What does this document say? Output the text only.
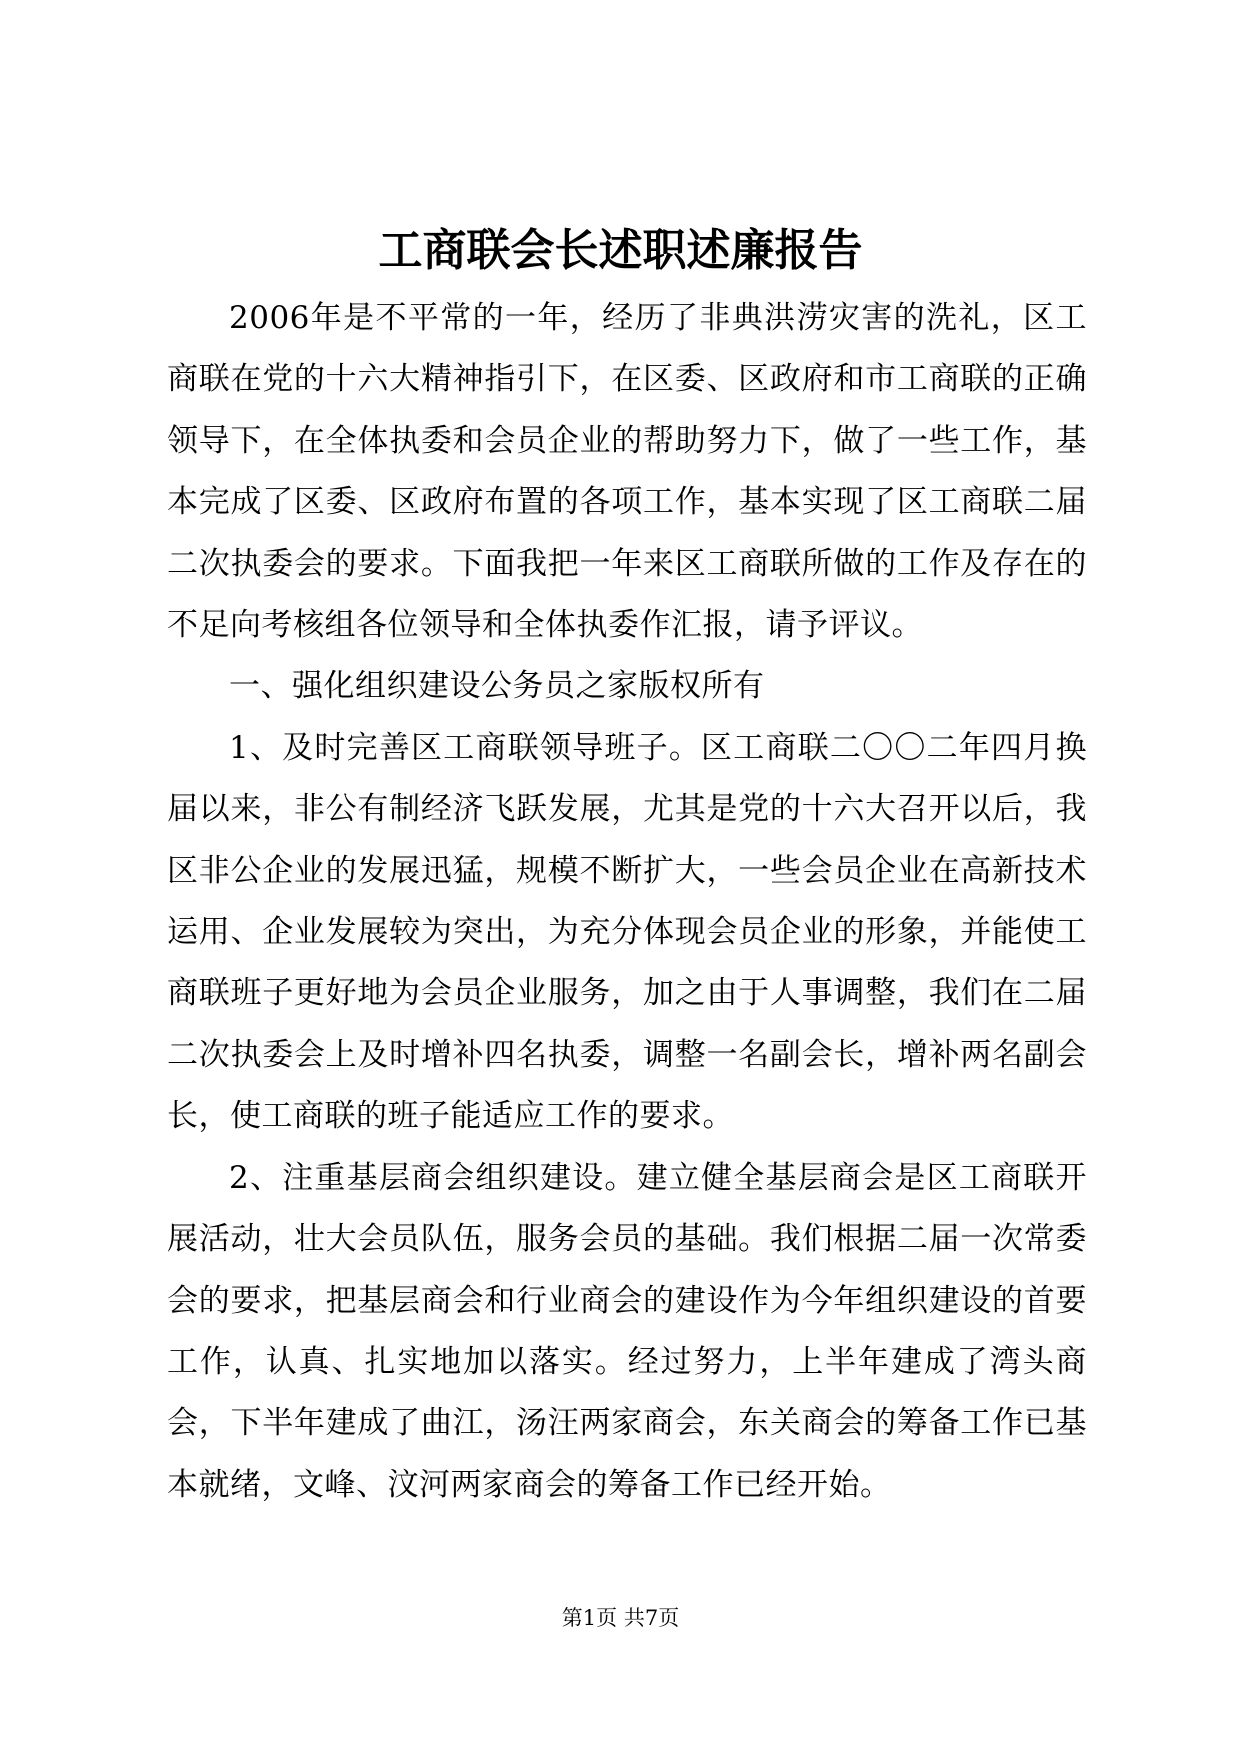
工商联会长述职述廉报告

2006年是不平常的一年，经历了非典洪涝灾害的洗礼，区工商联在党的十六大精神指引下，在区委、区政府和市工商联的正确领导下，在全体执委和会员企业的帮助努力下，做了一些工作，基本完成了区委、区政府布置的各项工作，基本实现了区工商联二届二次执委会的要求。下面我把一年来区工商联所做的工作及存在的不足向考核组各位领导和全体执委作汇报，请予评议。

一、强化组织建设公务员之家版权所有

1、及时完善区工商联领导班子。区工商联二〇〇二年四月换届以来，非公有制经济飞跃发展，尤其是党的十六大召开以后，我区非公企业的发展迅猛，规模不断扩大，一些会员企业在高新技术运用、企业发展较为突出，为充分体现会员企业的形象，并能使工商联班子更好地为会员企业服务，加之由于人事调整，我们在二届二次执委会上及时增补四名执委，调整一名副会长，增补两名副会长，使工商联的班子能适应工作的要求。

2、注重基层商会组织建设。建立健全基层商会是区工商联开展活动，壮大会员队伍，服务会员的基础。我们根据二届一次常委会的要求，把基层商会和行业商会的建设作为今年组织建设的首要工作，认真、扎实地加以落实。经过努力，上半年建成了湾头商会，下半年建成了曲江，汤汪两家商会，东关商会的筹备工作已基本就绪，文峰、汶河两家商会的筹备工作已经开始。

第1页 共7页
